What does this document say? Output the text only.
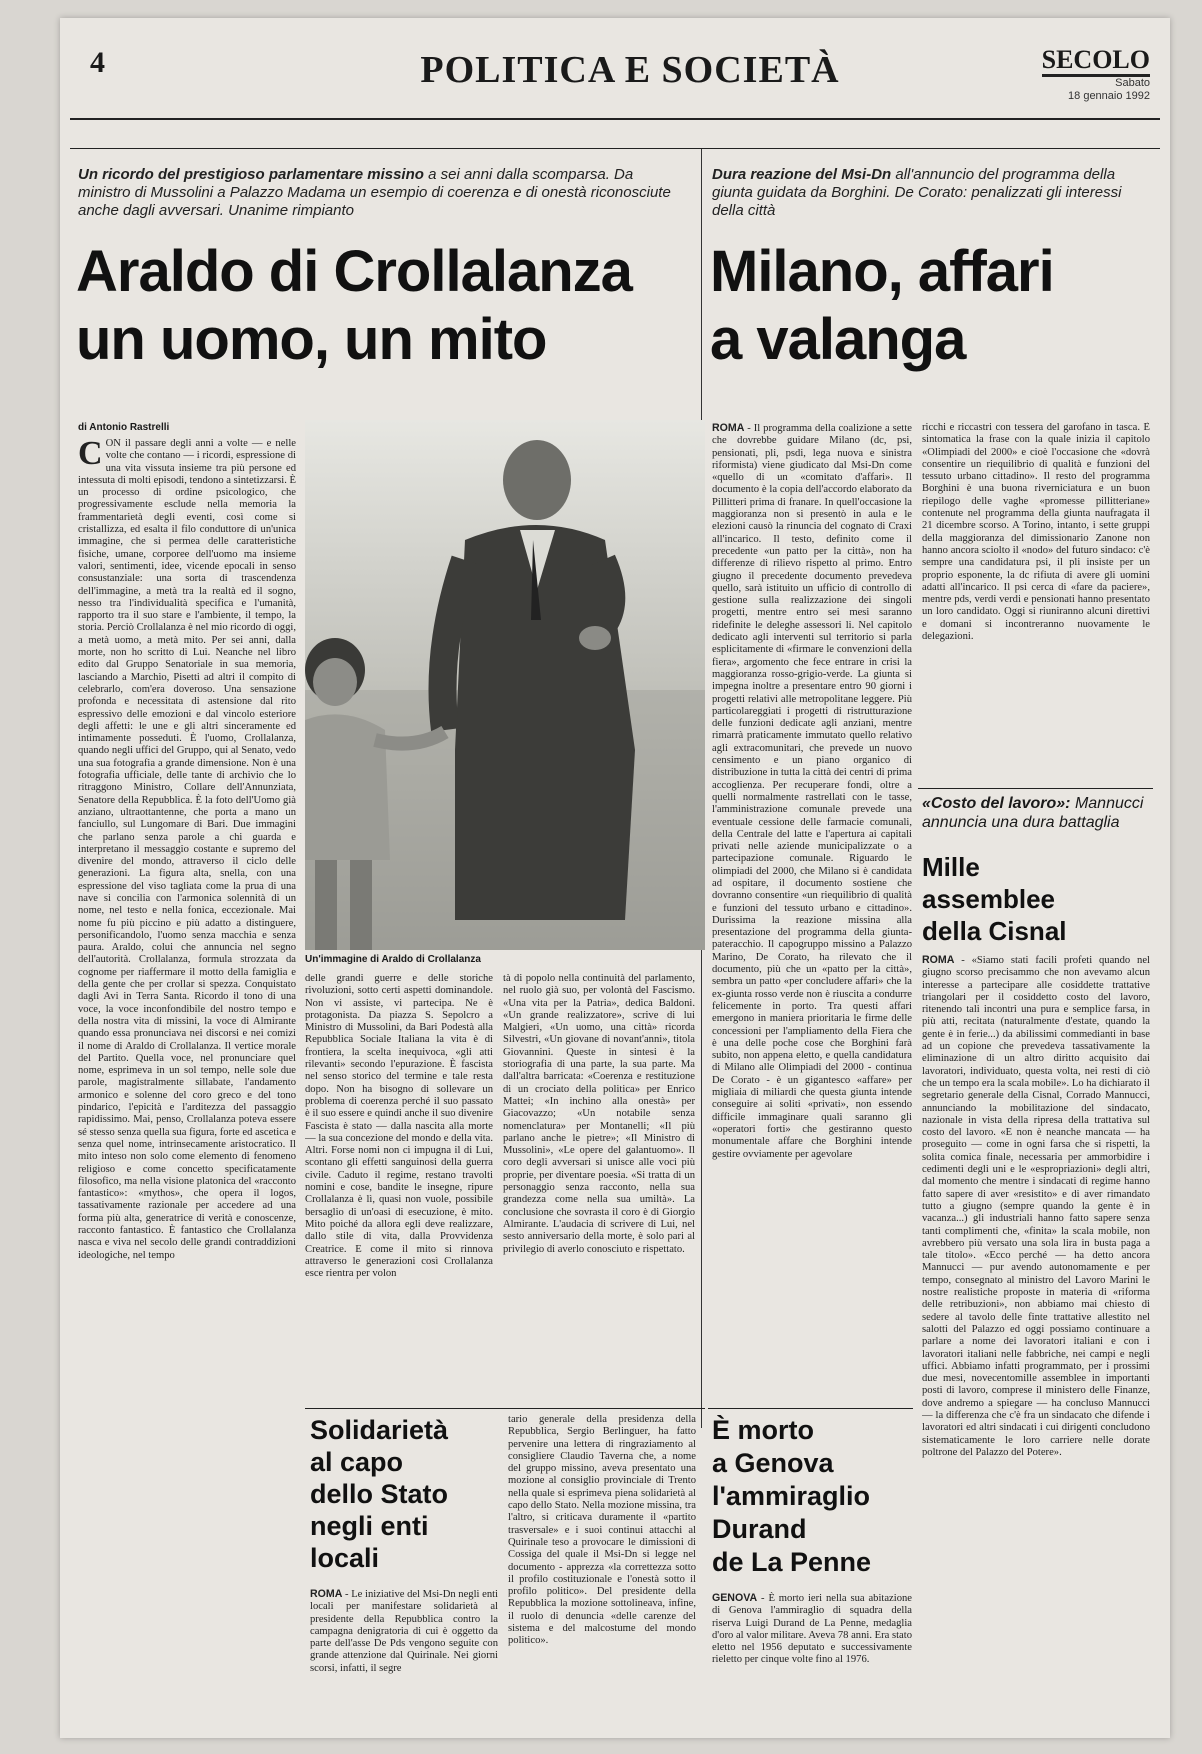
4	POLITICA E SOCIETÀ	SECOLO
Sabato
18 gennaio 1992
Un ricordo del prestigioso parlamentare missino a sei anni dalla scomparsa. Da ministro di Mussolini a Palazzo Madama un esempio di coerenza e di onestà riconosciute anche dagli avversari. Unanime rimpianto
Araldo di Crollalanza
un uomo, un mito
di Antonio Rastrelli
CON il passare degli anni a volte — e nelle volte che contano — i ricordi, espressione di una vita vissuta insieme tra più persone ed intessuta di molti episodi, tendono a sintetizzarsi. È un processo di ordine psicologico, che progressivamente esclude nella memoria la frammentarietà degli eventi, così come si cristallizza, ed esalta il filo conduttore di un'unica immagine, che si permea delle caratteristiche fisiche, umane, corporee dell'uomo ma insieme valori, sentimenti, idee, vicende epocali in senso consustanziale: una sorta di trascendenza dell'immagine, a metà tra la realtà ed il sogno, nesso tra l'individualità specifica e l'umanità, rapporto tra il suo stare e l'ambiente, il tempo, la storia. Perciò Crollalanza è nel mio ricordo di oggi, a metà uomo, a metà mito. Per sei anni, dalla morte, non ho scritto di Lui. Neanche nel libro edito dal Gruppo Senatoriale in sua memoria, lasciando a Marchio, Pisetti ad altri il compito di celebrarlo, com'era doveroso. Una sensazione profonda e necessitata di astensione dal rito espressivo delle emozioni e dal vincolo esteriore degli affetti: le une e gli altri sinceramente ed intimamente posseduti. È l'uomo, Crollalanza, quando negli uffici del Gruppo, qui al Senato, vedo una sua fotografia a grande dimensione. Non è una fotografia ufficiale, delle tante di archivio che lo ritraggono Ministro, Collare dell'Annunziata, Senatore della Repubblica. È la foto dell'Uomo già anziano, ultraottantenne, che porta a mano un fanciullo, sul Lungomare di Bari. Due immagini che parlano senza parole a chi guarda e interpretano il messaggio costante e supremo del divenire del mondo, attraverso il ciclo delle generazioni. La figura alta, snella, con una espressione del viso tagliata come la prua di una nave si concilia con l'armonica solennità di un nome, nel testo e nella fonica, eccezionale. Mai nome fu più piccino e più adatto a distinguere, personificandolo, l'uomo senza macchia e senza paura. Araldo, colui che annuncia nel segno dell'autorità. Crollalanza, formula strozzata da cognome per riaffermare il motto della famiglia e della gente che per crollar si spezza. Conquistato dagli Avi in Terra Santa. Ricordo il tono di una voce, la voce inconfondibile del nostro tempo e della nostra vita di missini, la voce di Almirante quando essa pronunciava nei discorsi e nei comizi il nome di Araldo di Crollalanza. Il vertice morale del Partito. Quella voce, nel pronunciare quel nome, esprimeva in un sol tempo, nelle sole due parole, magistralmente sillabate, l'andamento armonico e solenne del coro greco e del tono pindarico, l'epicità e l'arditezza del passaggio rapidissimo. Mai, penso, Crollalanza poteva essere sé stesso senza quella sua figura, forte ed ascetica e senza quel nome, intrinsecamente aristocratico. Il mito inteso non solo come elemento di fenomeno religioso e come concetto specificatamente filosofico, ma nella visione platonica del «racconto fantastico»: «mythos», che opera il logos, tassativamente razionale per accedere ad una forma più alta, generatrice di verità e conoscenze, racconto fantastico. È fantastico che Crollalanza nasca e viva nel secolo delle grandi contraddizioni ideologiche, nel tempo
Un'immagine di Araldo di Crollalanza
delle grandi guerre e delle storiche rivoluzioni, sotto certi aspetti dominandole. Non vi assiste, vi partecipa. Ne è protagonista. Da piazza S. Sepolcro a Ministro di Mussolini, da Bari Podestà alla Repubblica Sociale Italiana la vita è di frontiera, la scelta inequivoca, «gli atti rilevanti» secondo l'epurazione. È fascista nel senso storico del termine e tale resta dopo. Non ha bisogno di sollevare un problema di coerenza perché il suo passato è il suo essere e quindi anche il suo divenire Fascista è stato — dalla nascita alla morte — la sua concezione del mondo e della vita. Altri. Forse nomi non ci impugna il di Lui, scontano gli effetti sanguinosi della guerra civile. Caduto il regime, restano travolti nomini e cose, bandite le insegne, ripure Crollalanza è lì, quasi non vuole, possibile bersaglio di un'oasi di esecuzione, è mito. Mito poiché da allora egli deve realizzare, dallo stile di vita, dalla Provvidenza Creatrice. E come il mito si rinnova attraverso le generazioni così Crollalanza esce rientra per volon
tà di popolo nella continuità del parlamento, nel ruolo già suo, per volontà del Fascismo. «Una vita per la Patria», dedica Baldoni. «Un grande realizzatore», scrive di lui Malgieri, «Un uomo, una città» ricorda Silvestri, «Un giovane di novant'anni», titola Giovannini. Queste in sintesi è la storiografia di una parte, la sua parte. Ma dall'altra barricata: «Coerenza e restituzione di un crociato della politica» per Enrico Mattei; «In inchino alla onestà» per Giacovazzo; «Un notabile senza nomenclatura» per Montanelli; «Il più parlano anche le pietre»; «Il Ministro di Mussolini», «Le opere del galantuomo». Il coro degli avversari si unisce alle voci più proprie, per diventare poesia. «Si tratta di un personaggio senza racconto, nella sua grandezza come nella sua umiltà». La conclusione che sovrasta il coro è di Giorgio Almirante. L'audacia di scrivere di Lui, nel sesto anniversario della morte, è solo pari al privilegio di averlo conosciuto e rispettato.
Dura reazione del Msi-Dn all'annuncio del programma della giunta guidata da Borghini. De Corato: penalizzati gli interessi della città
Milano, affari
a valanga
ROMA - Il programma della coalizione a sette che dovrebbe guidare Milano (dc, psi, pensionati, pli, psdi, lega nuova e sinistra riformista) viene giudicato dal Msi-Dn come «quello di un «comitato d'affari». Il documento è la copia dell'accordo elaborato da Pillitteri prima di franare. In quell'occasione la maggioranza non si presentò in aula e le elezioni causò la rinuncia del cognato di Craxi all'incarico. Il testo, definito come il precedente «un patto per la città», non ha differenze di rilievo rispetto al primo. Entro giugno il precedente documento prevedeva quello, sarà istituito un ufficio di controllo di gestione sulla realizzazione dei singoli progetti, mentre entro sei mesi saranno ridefinite le deleghe assessori li. Nel capitolo dedicato agli interventi sul territorio si parla esplicitamente di «firmare le convenzioni della fiera», argomento che fece entrare in crisi la maggioranza rosso-grigio-verde. La giunta si impegna inoltre a presentare entro 90 giorni i progetti relativi alle metropolitane leggere. Più particolareggiati i progetti di ristrutturazione delle funzioni dedicate agli anziani, mentre rimarrà praticamente immutato quello relativo agli extracomunitari, che prevede un nuovo censimento e un piano organico di distribuzione in tutta la città dei centri di prima accoglienza. Per recuperare fondi, oltre a quelli normalmente rastrellati con le tasse, l'amministrazione comunale prevede una eventuale cessione delle farmacie comunali, della Centrale del latte e l'apertura ai capitali privati nelle aziende municipalizzate o a partecipazione comunale. Riguardo le olimpiadi del 2000, che Milano si è candidata ad ospitare, il documento sostiene che dovranno consentire «un riequilibrio di qualità e funzioni del tessuto urbano e cittadino». Durissima la reazione missina alla presentazione del programma della giunta-pateracchio. Il capogruppo missino a Palazzo Marino, De Corato, ha rilevato che il documento, più che un «patto per la città», sembra un patto «per concludere affari» che la ex-giunta rosso verde non è riuscita a condurre felicemente in porto. Tra questi affari emergono in maniera prioritaria le firme delle concessioni per l'ampliamento della Fiera che è una delle poche cose che Borghini farà subito, non appena eletto, e quella candidatura di Milano alle Olimpiadi del 2000 - continua De Corato - è un gigantesco «affare» per migliaia di miliardi che questa giunta intende conseguire ai soliti «privati», non essendo difficile immaginare quali saranno gli «operatori forti» che gestiranno questo monumentale affare che Borghini intende gestire ovviamente per agevolare
ricchi e riccastri con tessera del garofano in tasca. È sintomatica la frase con la quale inizia il capitolo «Olimpiadi del 2000» e cioè l'occasione che «dovrà consentire un riequilibrio di qualità e funzioni del tessuto urbano cittadino». Il resto del programma Borghini è una buona riverniciatura e un buon riepilogo delle vaghe «promesse pillitteriane» contenute nel programma della giunta naufragata il 21 dicembre scorso. A Torino, intanto, i sette gruppi della maggioranza del dimissionario Zanone non hanno ancora sciolto il «nodo» del futuro sindaco: c'è sempre una candidatura psi, il pli insiste per un proprio esponente, la dc rifiuta di avere gli uomini adatti all'incarico. Il psi cerca di «fare da paciere», mentre pds, verdi verdi e pensionati hanno presentato un loro candidato. Oggi si riuniranno alcuni direttivi e domani si incontreranno nuovamente le delegazioni.
«Costo del lavoro»: Mannucci annuncia una dura battaglia
Mille
assemblee
della Cisnal
ROMA - «Siamo stati facili profeti quando nel giugno scorso precisammo che non avevamo alcun interesse a partecipare alle cosiddette trattative triangolari per il cosiddetto costo del lavoro, ritenendo tali incontri una pura e semplice farsa, in più atti, recitata (naturalmente d'estate, quando la gente è in ferie...) da abilissimi commedianti in base ad un copione che prevedeva tassativamente la eliminazione di un altro diritto acquisito dai lavoratori, individuato, questa volta, nei resti di ciò che un tempo era la scala mobile». Lo ha dichiarato il segretario generale della Cisnal, Corrado Mannucci, annunciando la mobilitazione del sindacato, nazionale in vista della ripresa della trattativa sul costo del lavoro. «E non è neanche mancata — ha proseguito — come in ogni farsa che si rispetti, la solita comica finale, necessaria per ammorbidire i cedimenti degli uni e le «espropriazioni» degli altri, dal momento che mentre i sindacati di regime hanno fatto sapere di aver «resistito» e di aver rimandato tutto a giugno (sempre quando la gente è in vacanza...) gli industriali hanno fatto sapere senza tanti complimenti che, «finita» la scala mobile, non avrebbero più versato una sola lira in busta paga a tale titolo». «Ecco perché — ha detto ancora Mannucci — pur avendo autonomamente e per tempo, consegnato al ministro del Lavoro Marini le nostre realistiche proposte in materia di «riforma delle retribuzioni», non abbiamo mai chiesto di sedere al tavolo delle finte trattative allestito nel salotti del Palazzo ed oggi possiamo continuare a parlare a nome dei lavoratori italiani e con i lavoratori italiani nelle fabbriche, nei campi e negli uffici. Abbiamo infatti programmato, per i prossimi due mesi, novecentomille assemblee in importanti posti di lavoro, comprese il ministero delle Finanze, dove andremo a spiegare — ha concluso Mannucci — la differenza che c'è fra un sindacato che difende i lavoratori ed altri sindacati i cui dirigenti concludono sistematicamente le loro carriere nelle dorate poltrone del Palazzo del Potere».
Solidarietà
al capo
dello Stato
negli enti
locali
ROMA - Le iniziative del Msi-Dn negli enti locali per manifestare solidarietà al presidente della Repubblica contro la campagna denigratoria di cui è oggetto da parte dell'asse De Pds vengono seguite con grande attenzione dal Quirinale. Nei giorni scorsi, infatti, il segre
tario generale della presidenza della Repubblica, Sergio Berlinguer, ha fatto pervenire una lettera di ringraziamento al consigliere Claudio Taverna che, a nome del gruppo missino, aveva presentato una mozione al consiglio provinciale di Trento nella quale si esprimeva piena solidarietà al capo dello Stato. Nella mozione missina, tra l'altro, si criticava duramente il «partito trasversale» e i suoi continui attacchi al Quirinale teso a provocare le dimissioni di Cossiga del quale il Msi-Dn si legge nel documento - apprezza «la correttezza sotto il profilo costituzionale e l'onestà sotto il profilo politico». Del presidente della Repubblica la mozione sottolineava, infine, il ruolo di denuncia «delle carenze del sistema e del malcostume del mondo politico».
È morto
a Genova
l'ammiraglio
Durand
de La Penne
GENOVA - È morto ieri nella sua abitazione di Genova l'ammiraglio di squadra della riserva Luigi Durand de La Penne, medaglia d'oro al valor militare. Aveva 78 anni. Era stato eletto nel 1956 deputato e successivamente rieletto per cinque volte fino al 1976.
